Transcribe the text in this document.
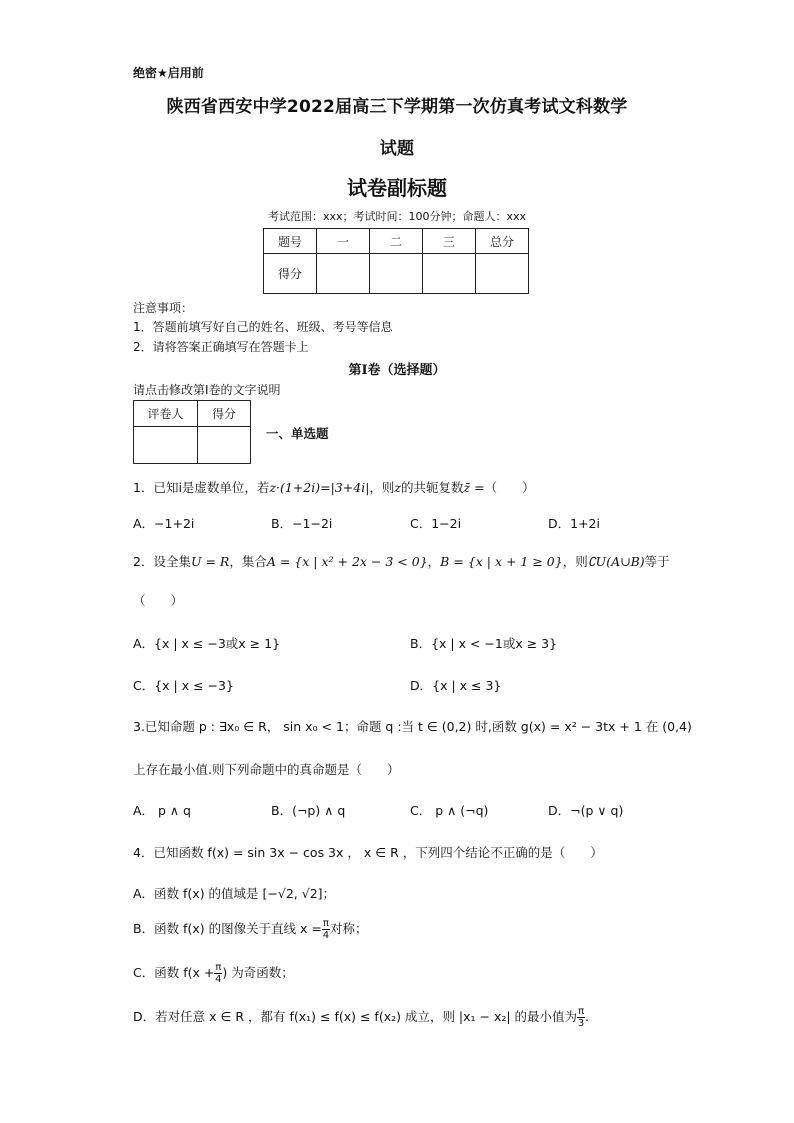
绝密★启用前
陕西省西安中学2022届高三下学期第一次仿真考试文科数学
试题
试卷副标题
考试范围：xxx；考试时间：100分钟；命题人：xxx
题号	一	二	三	总分
得分				
注意事项：
1．答题前填写好自己的姓名、班级、考号等信息
2．请将答案正确填写在答题卡上
第I卷（选择题）
请点击修改第I卷的文字说明
评卷人	得分

一、单选题
1．已知i是虚数单位，若z·(1+2i)=|3+4i|，则z的共轭复数z̄ =（　　）
A．−1+2i	B．−1−2i	C．1−2i	D．1+2i
2．设全集U = R，集合A = {x | x² + 2x − 3 < 0}，B = {x | x + 1 ≥ 0}，则∁U(A∪B)等于
（　　）
A．{x | x ≤ −3或x ≥ 1}	B．{x | x < −1或x ≥ 3}
C．{x | x ≤ −3}	D．{x | x ≤ 3}
3.已知命题 p : ∃x₀ ∈ R， sin x₀ < 1；命题 q :当 t ∈ (0,2) 时,函数 g(x) = x² − 3tx + 1 在 (0,4)
上存在最小值.则下列命题中的真命题是（　　）
A． p ∧ q	B．(¬p) ∧ q	C． p ∧ (¬q)	D．¬(p ∨ q)
4．已知函数 f(x) = sin 3x − cos 3x ， x ∈ R ，下列四个结论不正确的是（　　）
A．函数 f(x) 的值域是 [−√2, √2]；
B．函数 f(x) 的图像关于直线 $x = \frac{\pi}{4}$ 对称；
C．函数 $f(x + \frac{\pi}{4}$ ) 为奇函数；
D．若对任意 x ∈ R ，都有 f(x₁) ≤ f(x) ≤ f(x₂) 成立，则 |x₁ − x₂| 的最小值为 $\frac{\pi}{3}$ ．
